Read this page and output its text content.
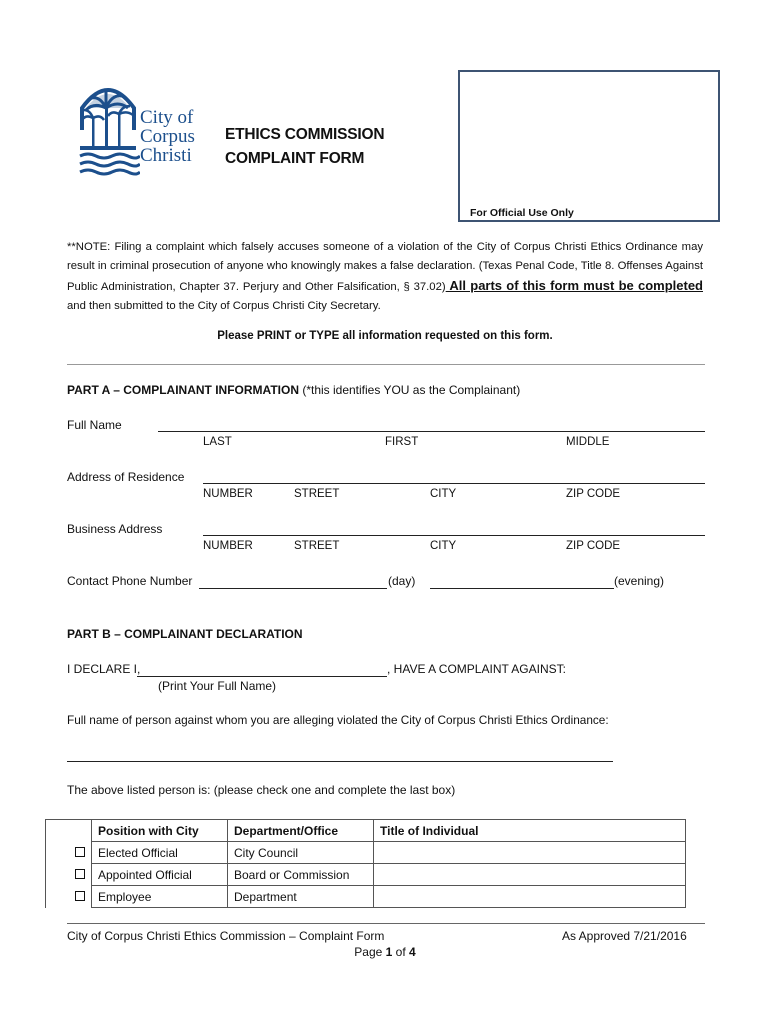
City of
Corpus
Christi
ETHICS COMMISSION
COMPLAINT FORM
For Official Use Only
**NOTE: Filing a complaint which falsely accuses someone of a violation of the City of Corpus Christi Ethics Ordinance may result in criminal prosecution of anyone who knowingly makes a false declaration. (Texas Penal Code, Title 8. Offenses Against Public Administration, Chapter 37. Perjury and Other Falsification, § 37.02) All parts of this form must be completed and then submitted to the City of Corpus Christi City Secretary.
Please PRINT or TYPE all information requested on this form.
PART A – COMPLAINANT INFORMATION (*this identifies YOU as the Complainant)
Full Name
LAST	FIRST	MIDDLE
Address of Residence
NUMBER	STREET	CITY	ZIP CODE
Business Address
NUMBER	STREET	CITY	ZIP CODE
Contact Phone Number	(day)	(evening)
PART B – COMPLAINANT DECLARATION
I DECLARE I,	, HAVE A COMPLAINT AGAINST:
(Print Your Full Name)
Full name of person against whom you are alleging violated the City of Corpus Christi Ethics Ordinance:
The above listed person is: (please check one and complete the last box)
	Position with City	Department/Office	Title of Individual
	Elected Official	City Council	
	Appointed Official	Board or Commission	
	Employee	Department	
City of Corpus Christi Ethics Commission – Complaint Form	As Approved 7/21/2016
Page 1 of 4
